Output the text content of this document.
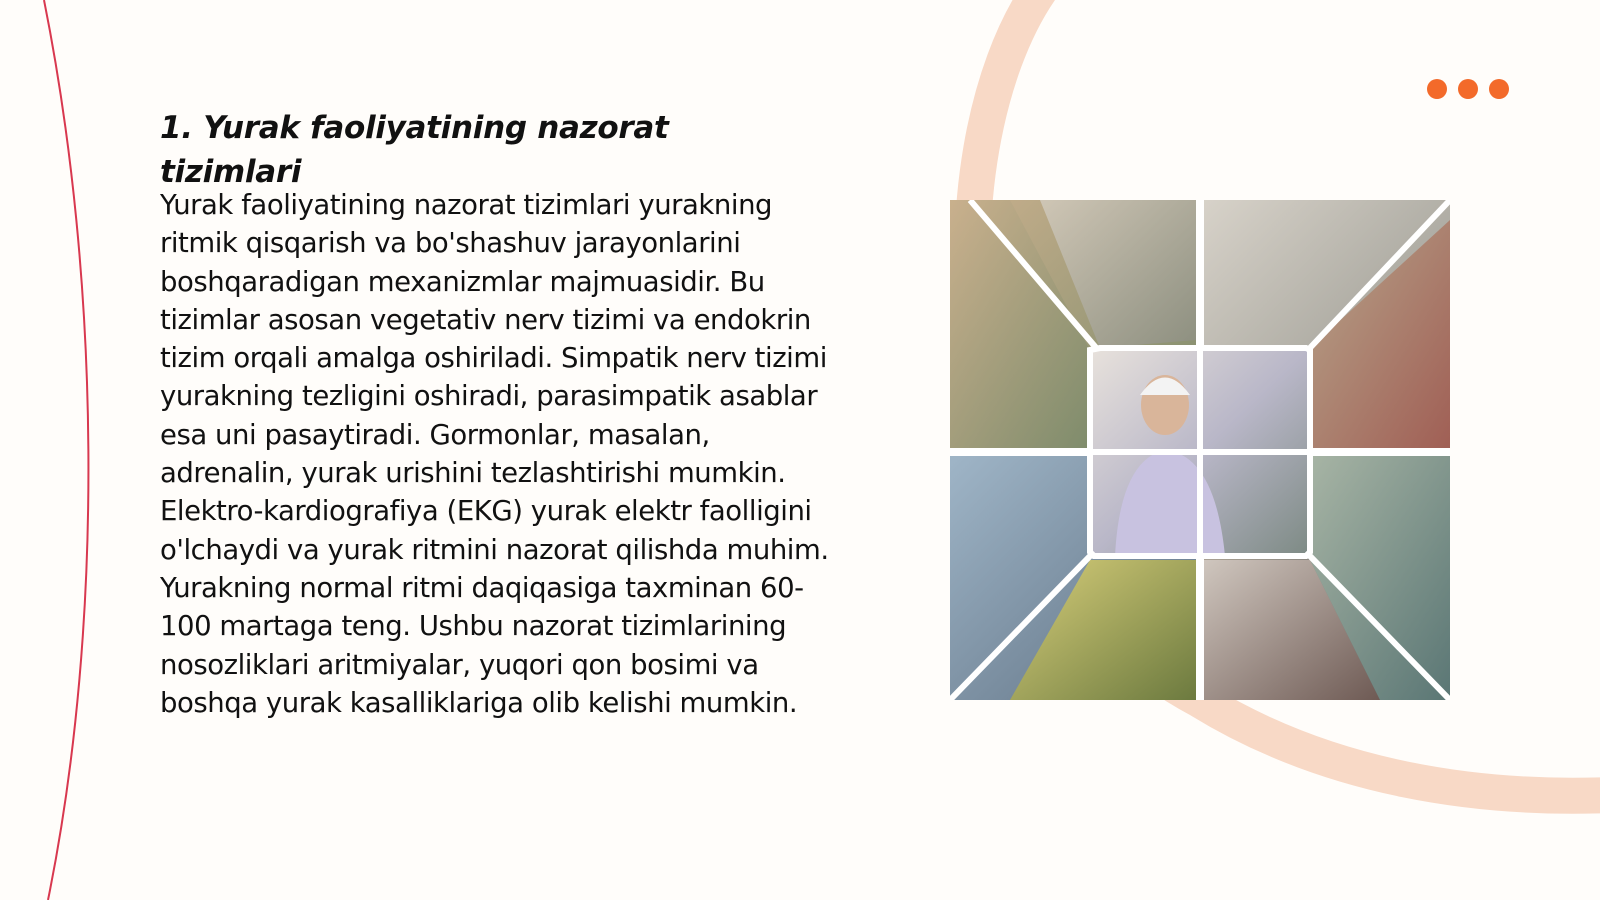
1. Yurak faoliyatining nazorat tizimlari

Yurak faoliyatining nazorat tizimlari yurakning ritmik qisqarish va bo'shashuv jarayonlarini boshqaradigan mexanizmlar majmuasidir. Bu tizimlar asosan vegetativ nerv tizimi va endokrin tizim orqali amalga oshiriladi. Simpatik nerv tizimi yurakning tezligini oshiradi, parasimpatik asablar esa uni pasaytiradi. Gormonlar, masalan, adrenalin, yurak urishini tezlashtirishi mumkin. Elektro-kardiografiya (EKG) yurak elektr faolligini o'lchaydi va yurak ritmini nazorat qilishda muhim. Yurakning normal ritmi daqiqasiga taxminan 60-100 martaga teng. Ushbu nazorat tizimlarining nosozliklari aritmiyalar, yuqori qon bosimi va boshqa yurak kasalliklariga olib kelishi mumkin.
